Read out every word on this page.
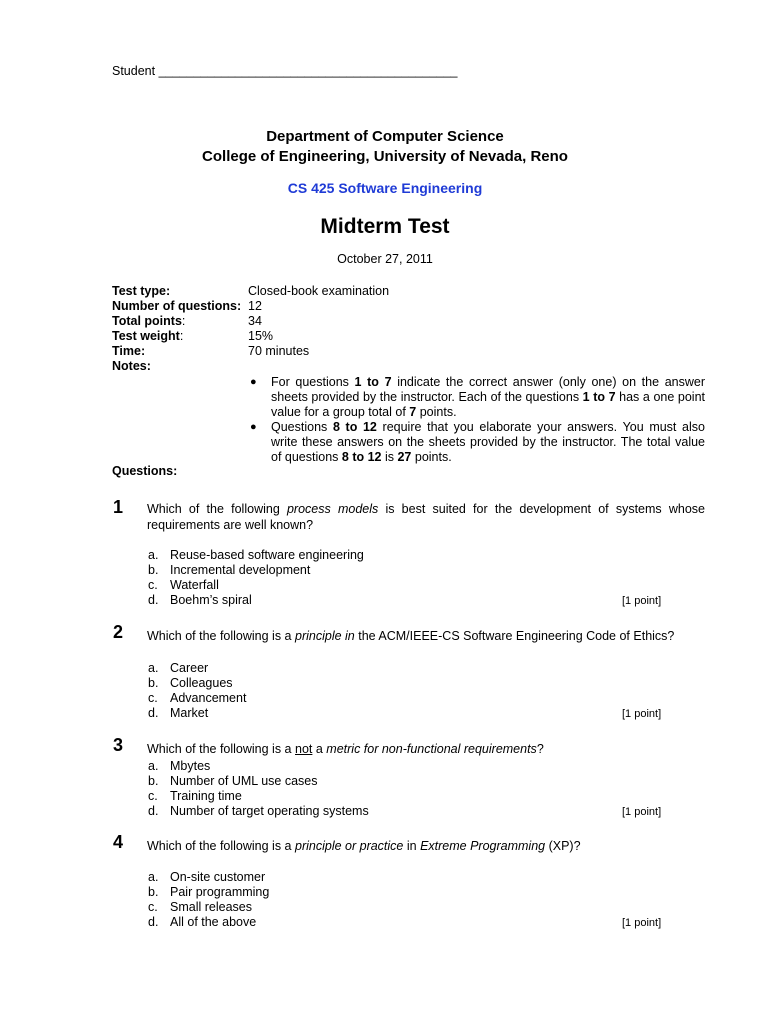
Student ___________________________________________
Department of Computer Science
College of Engineering, University of Nevada, Reno
CS 425 Software Engineering
Midterm Test
October 27, 2011
Test type:	Closed-book examination
Number of questions: 12
Total points:	34
Test weight:	15%
Time:	70 minutes
Notes:
● For questions 1 to 7 indicate the correct answer (only one) on the answer sheets provided by the instructor. Each of the questions 1 to 7 has a one point value for a group total of 7 points.
● Questions 8 to 12 require that you elaborate your answers. You must also write these answers on the sheets provided by the instructor. The total value of questions 8 to 12 is 27 points.
Questions:
1 Which of the following process models is best suited for the development of systems whose requirements are well known?
a. Reuse-based software engineering
b. Incremental development
c. Waterfall
d. Boehm’s spiral	[1 point]
2 Which of the following is a principle in the ACM/IEEE-CS Software Engineering Code of Ethics?
a. Career
b. Colleagues
c. Advancement
d. Market	[1 point]
3 Which of the following is a not a metric for non-functional requirements?
a. Mbytes
b. Number of UML use cases
c. Training time
d. Number of target operating systems	[1 point]
4 Which of the following is a principle or practice in Extreme Programming (XP)?
a. On-site customer
b. Pair programming
c. Small releases
d. All of the above	[1 point]
